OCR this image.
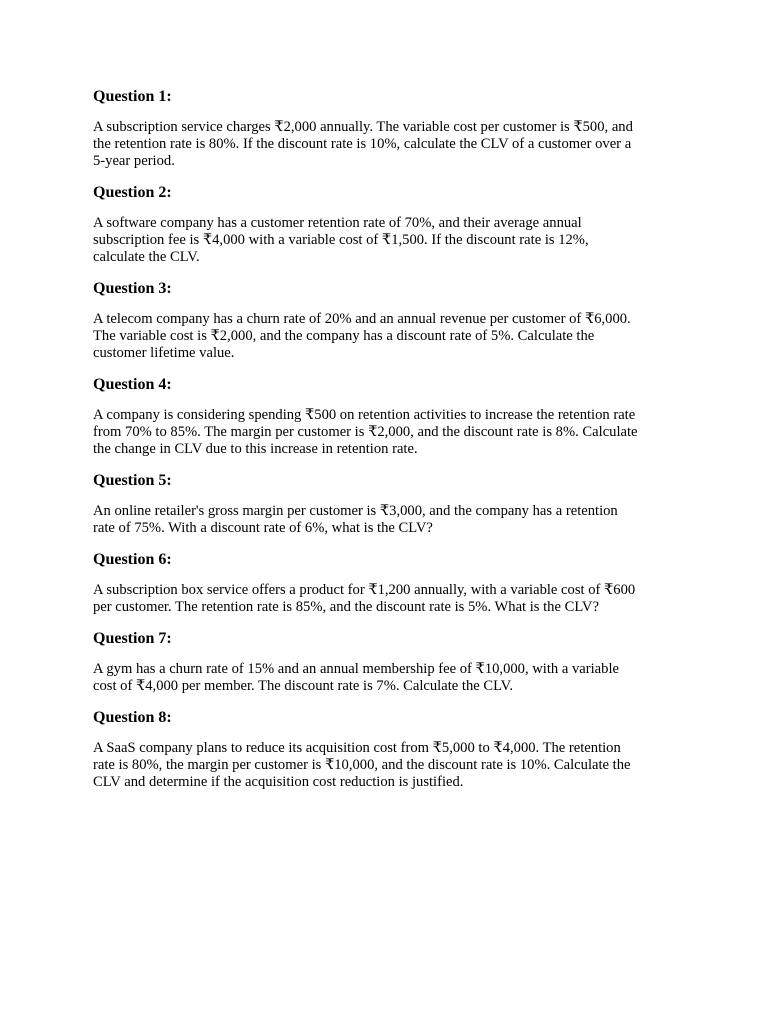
Question 1:
A subscription service charges ₹2,000 annually. The variable cost per customer is ₹500, and
the retention rate is 80%. If the discount rate is 10%, calculate the CLV of a customer over a
5-year period.
Question 2:
A software company has a customer retention rate of 70%, and their average annual
subscription fee is ₹4,000 with a variable cost of ₹1,500. If the discount rate is 12%,
calculate the CLV.
Question 3:
A telecom company has a churn rate of 20% and an annual revenue per customer of ₹6,000.
The variable cost is ₹2,000, and the company has a discount rate of 5%. Calculate the
customer lifetime value.
Question 4:
A company is considering spending ₹500 on retention activities to increase the retention rate
from 70% to 85%. The margin per customer is ₹2,000, and the discount rate is 8%. Calculate
the change in CLV due to this increase in retention rate.
Question 5:
An online retailer's gross margin per customer is ₹3,000, and the company has a retention
rate of 75%. With a discount rate of 6%, what is the CLV?
Question 6:
A subscription box service offers a product for ₹1,200 annually, with a variable cost of ₹600
per customer. The retention rate is 85%, and the discount rate is 5%. What is the CLV?
Question 7:
A gym has a churn rate of 15% and an annual membership fee of ₹10,000, with a variable
cost of ₹4,000 per member. The discount rate is 7%. Calculate the CLV.
Question 8:
A SaaS company plans to reduce its acquisition cost from ₹5,000 to ₹4,000. The retention
rate is 80%, the margin per customer is ₹10,000, and the discount rate is 10%. Calculate the
CLV and determine if the acquisition cost reduction is justified.
